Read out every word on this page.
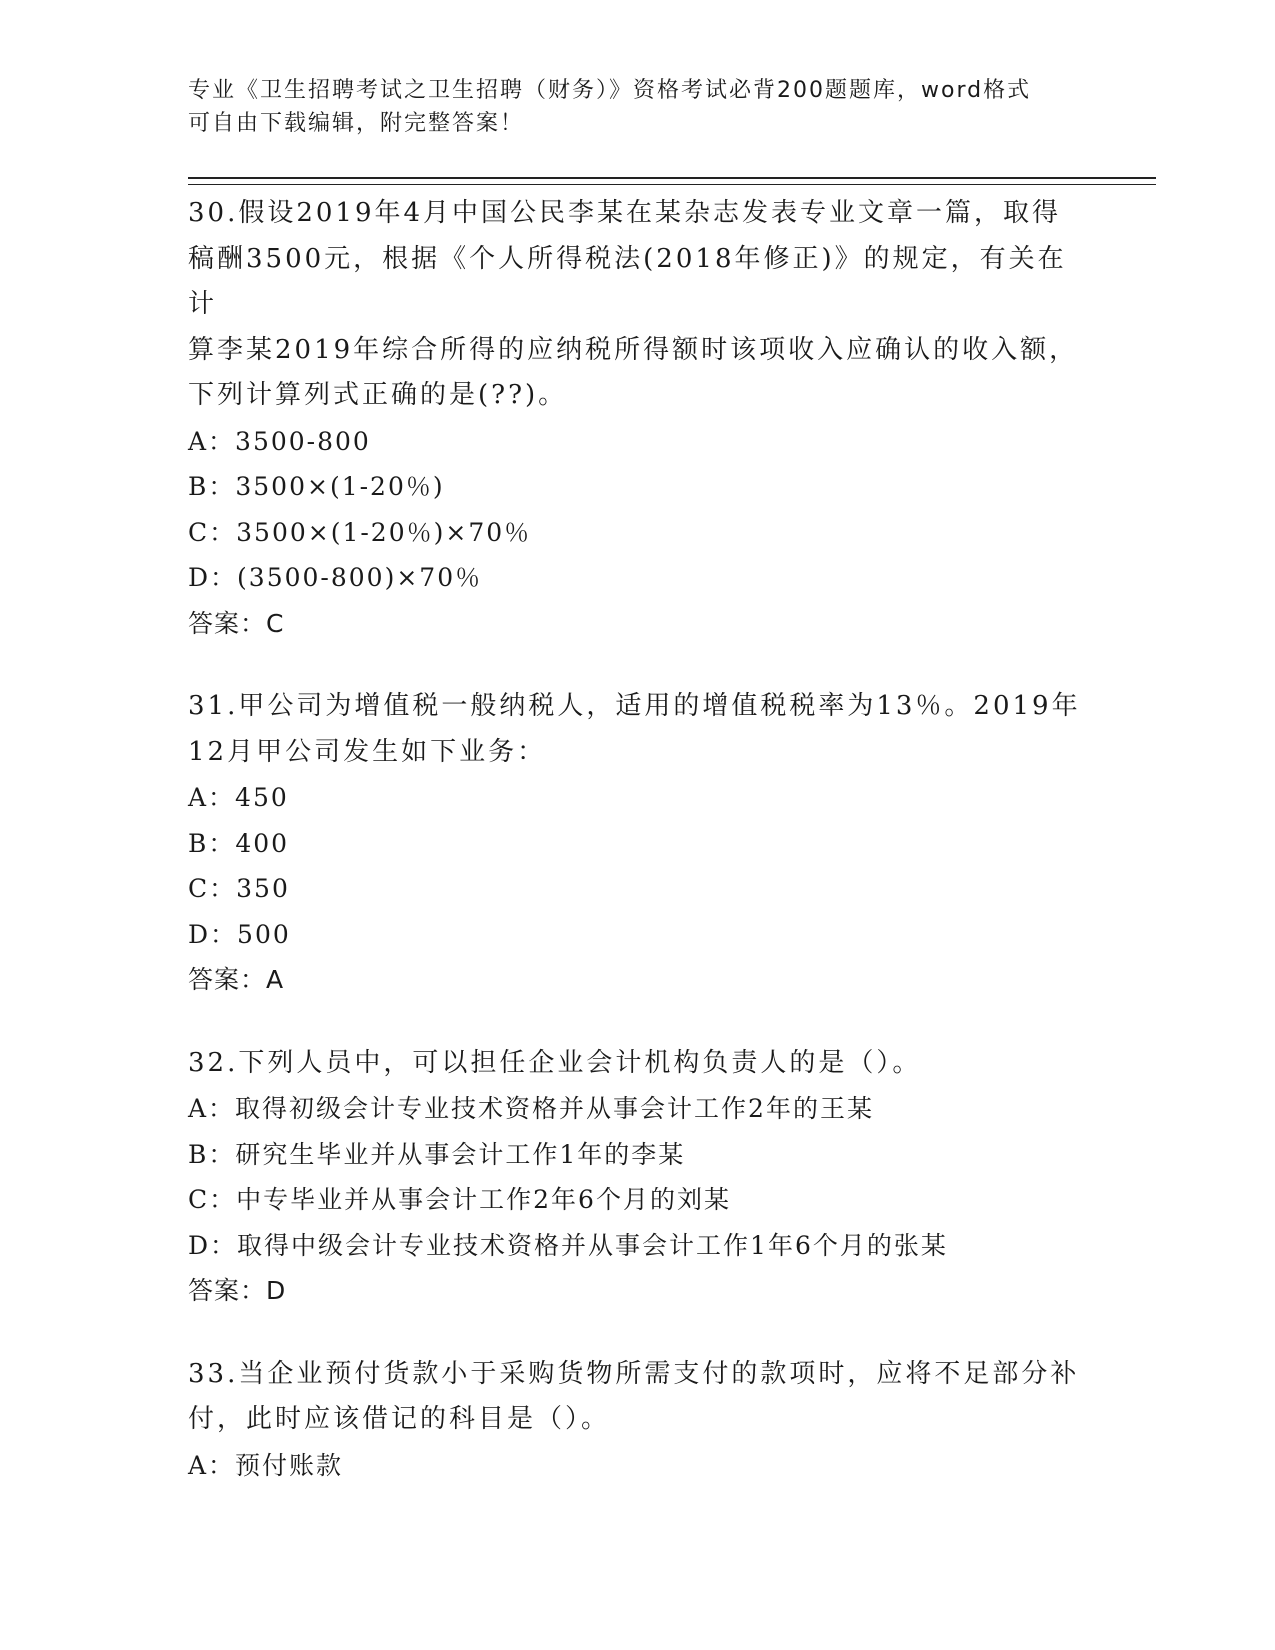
专业《卫生招聘考试之卫生招聘（财务）》资格考试必背200题题库，word格式
可自由下载编辑，附完整答案！

30.假设2019年4月中国公民李某在某杂志发表专业文章一篇，取得

稿酬3500元，根据《个人所得税法(2018年修正)》的规定，有关在计

算李某2019年综合所得的应纳税所得额时该项收入应确认的收入额，

下列计算列式正确的是(??)。

A：3500-800

B：3500×(1-20％)

C：3500×(1-20％)×70％

D：(3500-800)×70％

答案：C

31.甲公司为增值税一般纳税人，适用的增值税税率为13％。2019年

12月甲公司发生如下业务：

A：450

B：400

C：350

D：500

答案：A

32.下列人员中，可以担任企业会计机构负责人的是（）。

A：取得初级会计专业技术资格并从事会计工作2年的王某

B：研究生毕业并从事会计工作1年的李某

C：中专毕业并从事会计工作2年6个月的刘某

D：取得中级会计专业技术资格并从事会计工作1年6个月的张某

答案：D

33.当企业预付货款小于采购货物所需支付的款项时，应将不足部分补

付，此时应该借记的科目是（）。

A：预付账款
